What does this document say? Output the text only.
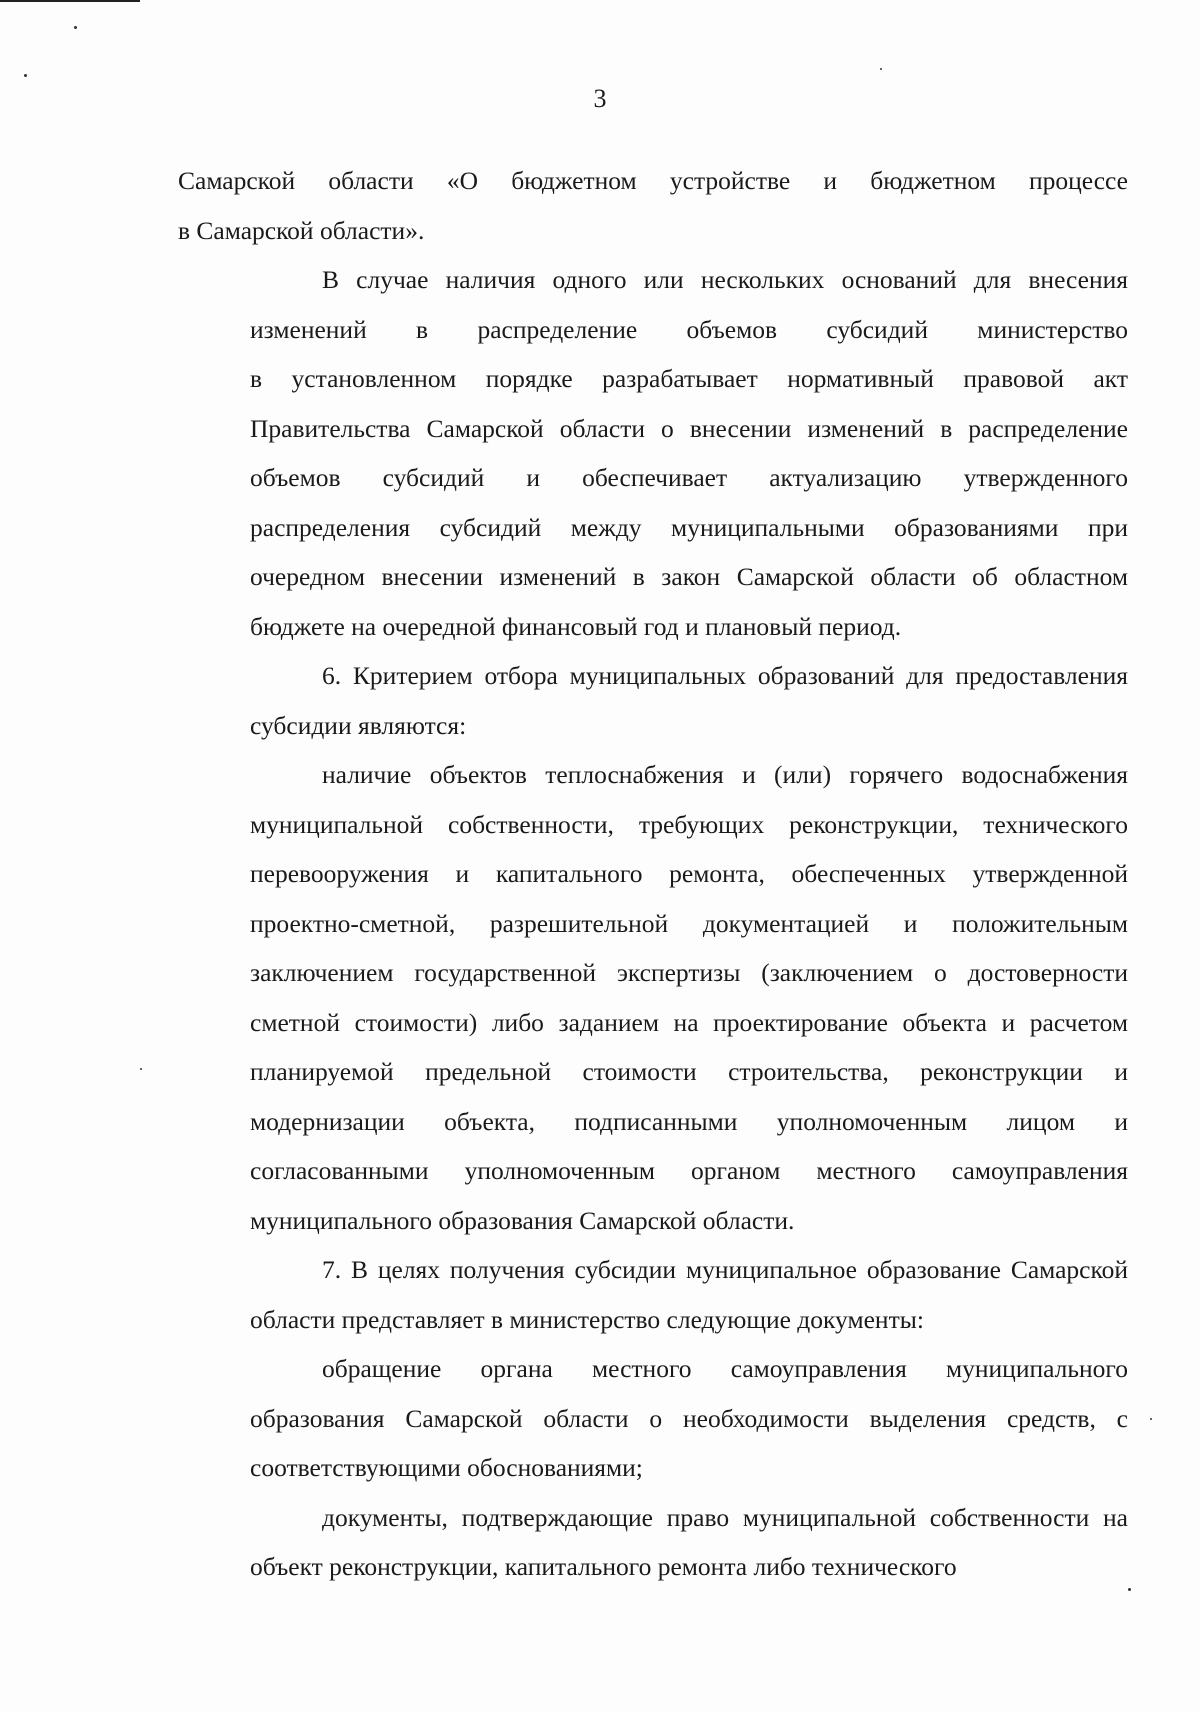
3
Самарской области «О бюджетном устройстве и бюджетном процессе
в Самарской области».
В случае наличия одного или нескольких оснований для внесения
изменений в распределение объемов субсидий министерство
в установленном порядке разрабатывает нормативный правовой акт
Правительства Самарской области о внесении изменений в распределение
объемов субсидий и обеспечивает актуализацию утвержденного
распределения субсидий между муниципальными образованиями при
очередном внесении изменений в закон Самарской области об областном
бюджете на очередной финансовый год и плановый период.
6. Критерием отбора муниципальных образований для предоставления
субсидии являются:
наличие объектов теплоснабжения и (или) горячего водоснабжения
муниципальной собственности, требующих реконструкции, технического
перевооружения и капитального ремонта, обеспеченных утвержденной
проектно-сметной, разрешительной документацией и положительным
заключением государственной экспертизы (заключением о достоверности
сметной стоимости) либо заданием на проектирование объекта и расчетом
планируемой предельной стоимости строительства, реконструкции и
модернизации объекта, подписанными уполномоченным лицом и
согласованными уполномоченным органом местного самоуправления
муниципального образования Самарской области.
7. В целях получения субсидии муниципальное образование Самарской
области представляет в министерство следующие документы:
обращение органа местного самоуправления муниципального
образования Самарской области о необходимости выделения средств, с
соответствующими обоснованиями;
документы, подтверждающие право муниципальной собственности на
объект реконструкции, капитального ремонта либо технического
